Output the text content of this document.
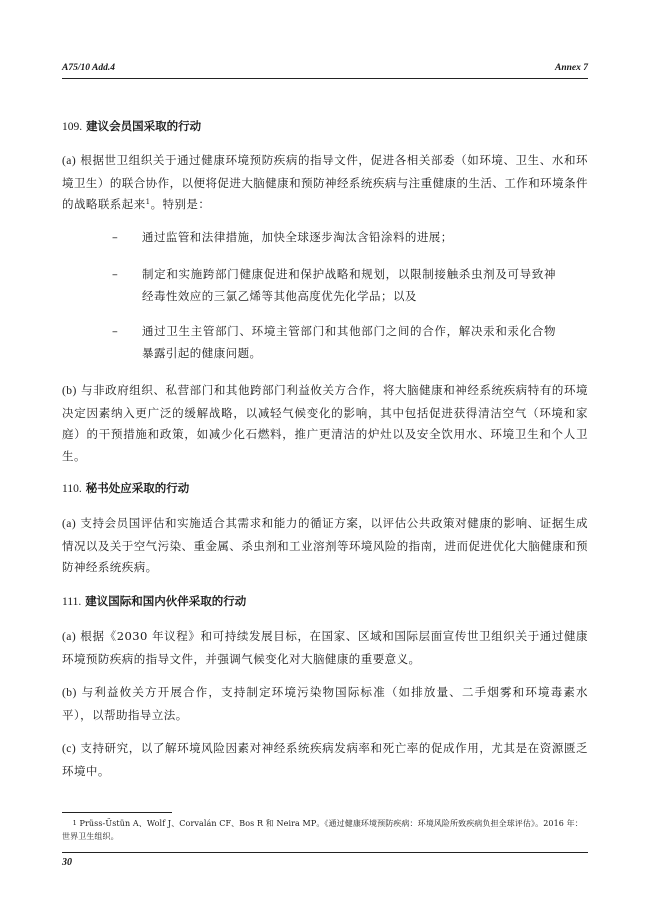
A75/10 Add.4	Annex 7
109. 建议会员国采取的行动
(a) 根据世卫组织关于通过健康环境预防疾病的指导文件，促进各相关部委（如环境、卫生、水和环境卫生）的联合协作，以便将促进大脑健康和预防神经系统疾病与注重健康的生活、工作和环境条件的战略联系起来$^1$。特别是：
– 通过监管和法律措施，加快全球逐步淘汰含铅涂料的进展；
– 制定和实施跨部门健康促进和保护战略和规划，以限制接触杀虫剂及可导致神经毒性效应的三氯乙烯等其他高度优先化学品；以及
– 通过卫生主管部门、环境主管部门和其他部门之间的合作，解决汞和汞化合物暴露引起的健康问题。
(b) 与非政府组织、私营部门和其他跨部门利益攸关方合作，将大脑健康和神经系统疾病特有的环境决定因素纳入更广泛的缓解战略，以减轻气候变化的影响，其中包括促进获得清洁空气（环境和家庭）的干预措施和政策，如减少化石燃料，推广更清洁的炉灶以及安全饮用水、环境卫生和个人卫生。
110. 秘书处应采取的行动
(a) 支持会员国评估和实施适合其需求和能力的循证方案，以评估公共政策对健康的影响、证据生成情况以及关于空气污染、重金属、杀虫剂和工业溶剂等环境风险的指南，进而促进优化大脑健康和预防神经系统疾病。
111. 建议国际和国内伙伴采取的行动
(a) 根据《2030 年议程》和可持续发展目标，在国家、区域和国际层面宣传世卫组织关于通过健康环境预防疾病的指导文件，并强调气候变化对大脑健康的重要意义。
(b) 与利益攸关方开展合作，支持制定环境污染物国际标准（如排放量、二手烟雾和环境毒素水平），以帮助指导立法。
(c) 支持研究，以了解环境风险因素对神经系统疾病发病率和死亡率的促成作用，尤其是在资源匮乏环境中。
$^1$ Prüss-Üstün A、Wolf J、Corvalán CF、Bos R 和 Neira MP。《通过健康环境预防疾病：环境风险所致疾病负担全球评估》。2016 年：世界卫生组织。
30
